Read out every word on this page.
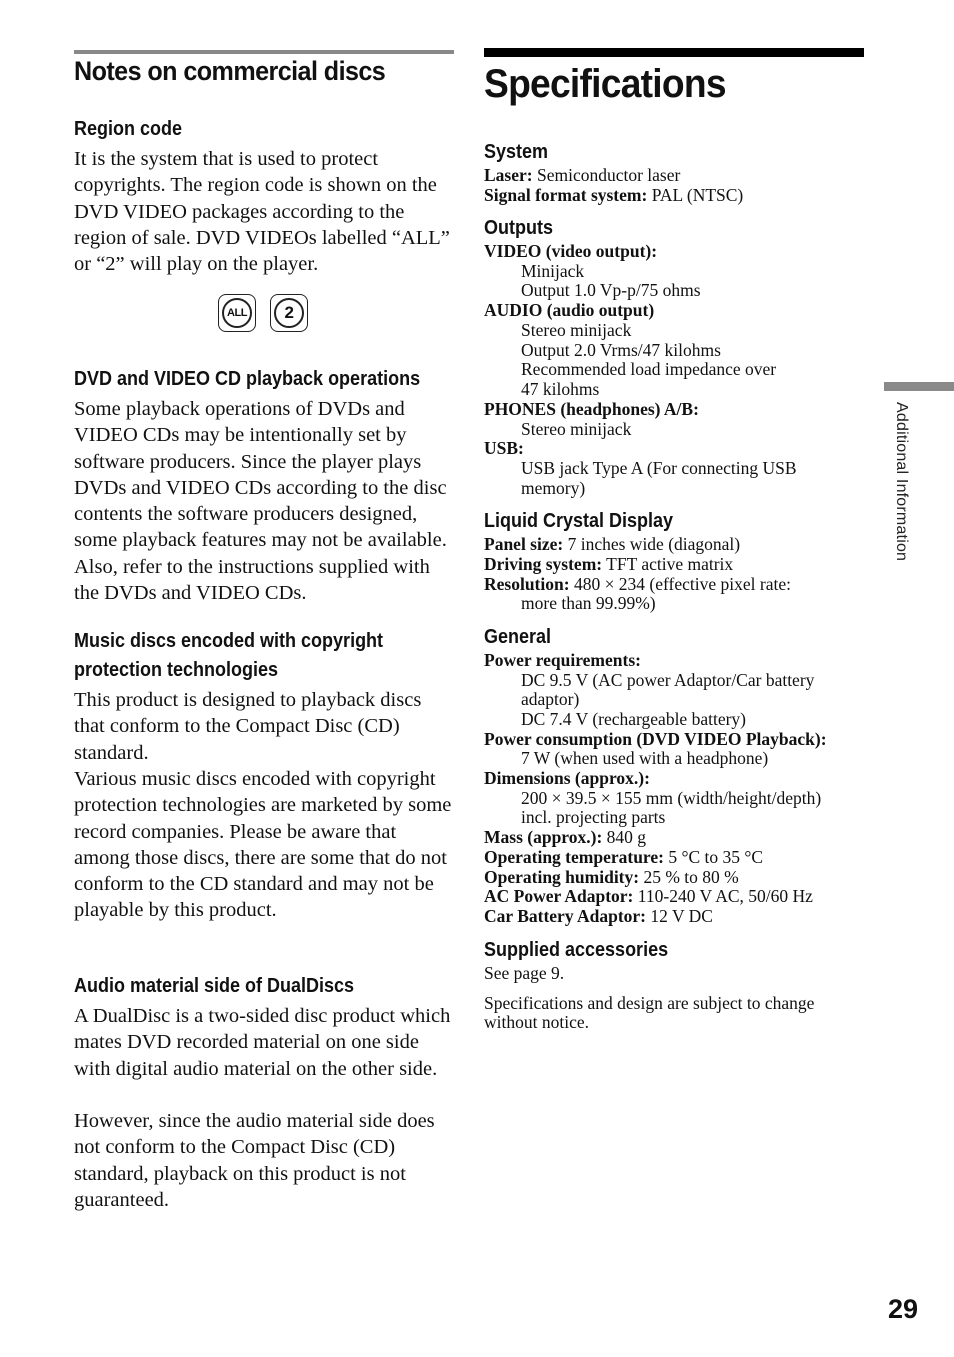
Notes on commercial discs
Region code

It is the system that is used to protect copyrights. The region code is shown on the DVD VIDEO packages according to the region of sale. DVD VIDEOs labelled “ALL” or “2” will play on the player.

ALL	2
DVD and VIDEO CD playback operations

Some playback operations of DVDs and VIDEO CDs may be intentionally set by software producers. Since the player plays DVDs and VIDEO CDs according to the disc contents the software producers designed, some playback features may not be available. Also, refer to the instructions supplied with the DVDs and VIDEO CDs.

Music discs encoded with copyright
protection technologies

This product is designed to playback discs that conform to the Compact Disc (CD) standard.

Various music discs encoded with copyright protection technologies are marketed by some record companies. Please be aware that among those discs, there are some that do not conform to the CD standard and may not be playable by this product.

Audio material side of DualDiscs

A DualDisc is a two-sided disc product which mates DVD recorded material on one side with digital audio material on the other side.

However, since the audio material side does not conform to the Compact Disc (CD) standard, playback on this product is not guaranteed.

Specifications
System
Laser: Semiconductor laser
Signal format system: PAL (NTSC)
Outputs
VIDEO (video output):
Minijack
Output 1.0 Vp-p/75 ohms
AUDIO (audio output)
Stereo minijack
Output 2.0 Vrms/47 kilohms
Recommended load impedance over
47 kilohms
PHONES (headphones) A/B:
Stereo minijack
USB:
USB jack Type A (For connecting USB
memory)
Liquid Crystal Display
Panel size: 7 inches wide (diagonal)
Driving system: TFT active matrix
Resolution: 480 × 234 (effective pixel rate:
more than 99.99%)
General
Power requirements:
DC 9.5 V (AC power Adaptor/Car battery
adaptor)
DC 7.4 V (rechargeable battery)
Power consumption (DVD VIDEO Playback):
7 W (when used with a headphone)
Dimensions (approx.):
200 × 39.5 × 155 mm (width/height/depth)
incl. projecting parts
Mass (approx.): 840 g
Operating temperature: 5 °C to 35 °C
Operating humidity: 25 % to 80 %
AC Power Adaptor: 110-240 V AC, 50/60 Hz
Car Battery Adaptor: 12 V DC
Supplied accessories
See page 9.
Specifications and design are subject to change
without notice.
Additional Information
29
